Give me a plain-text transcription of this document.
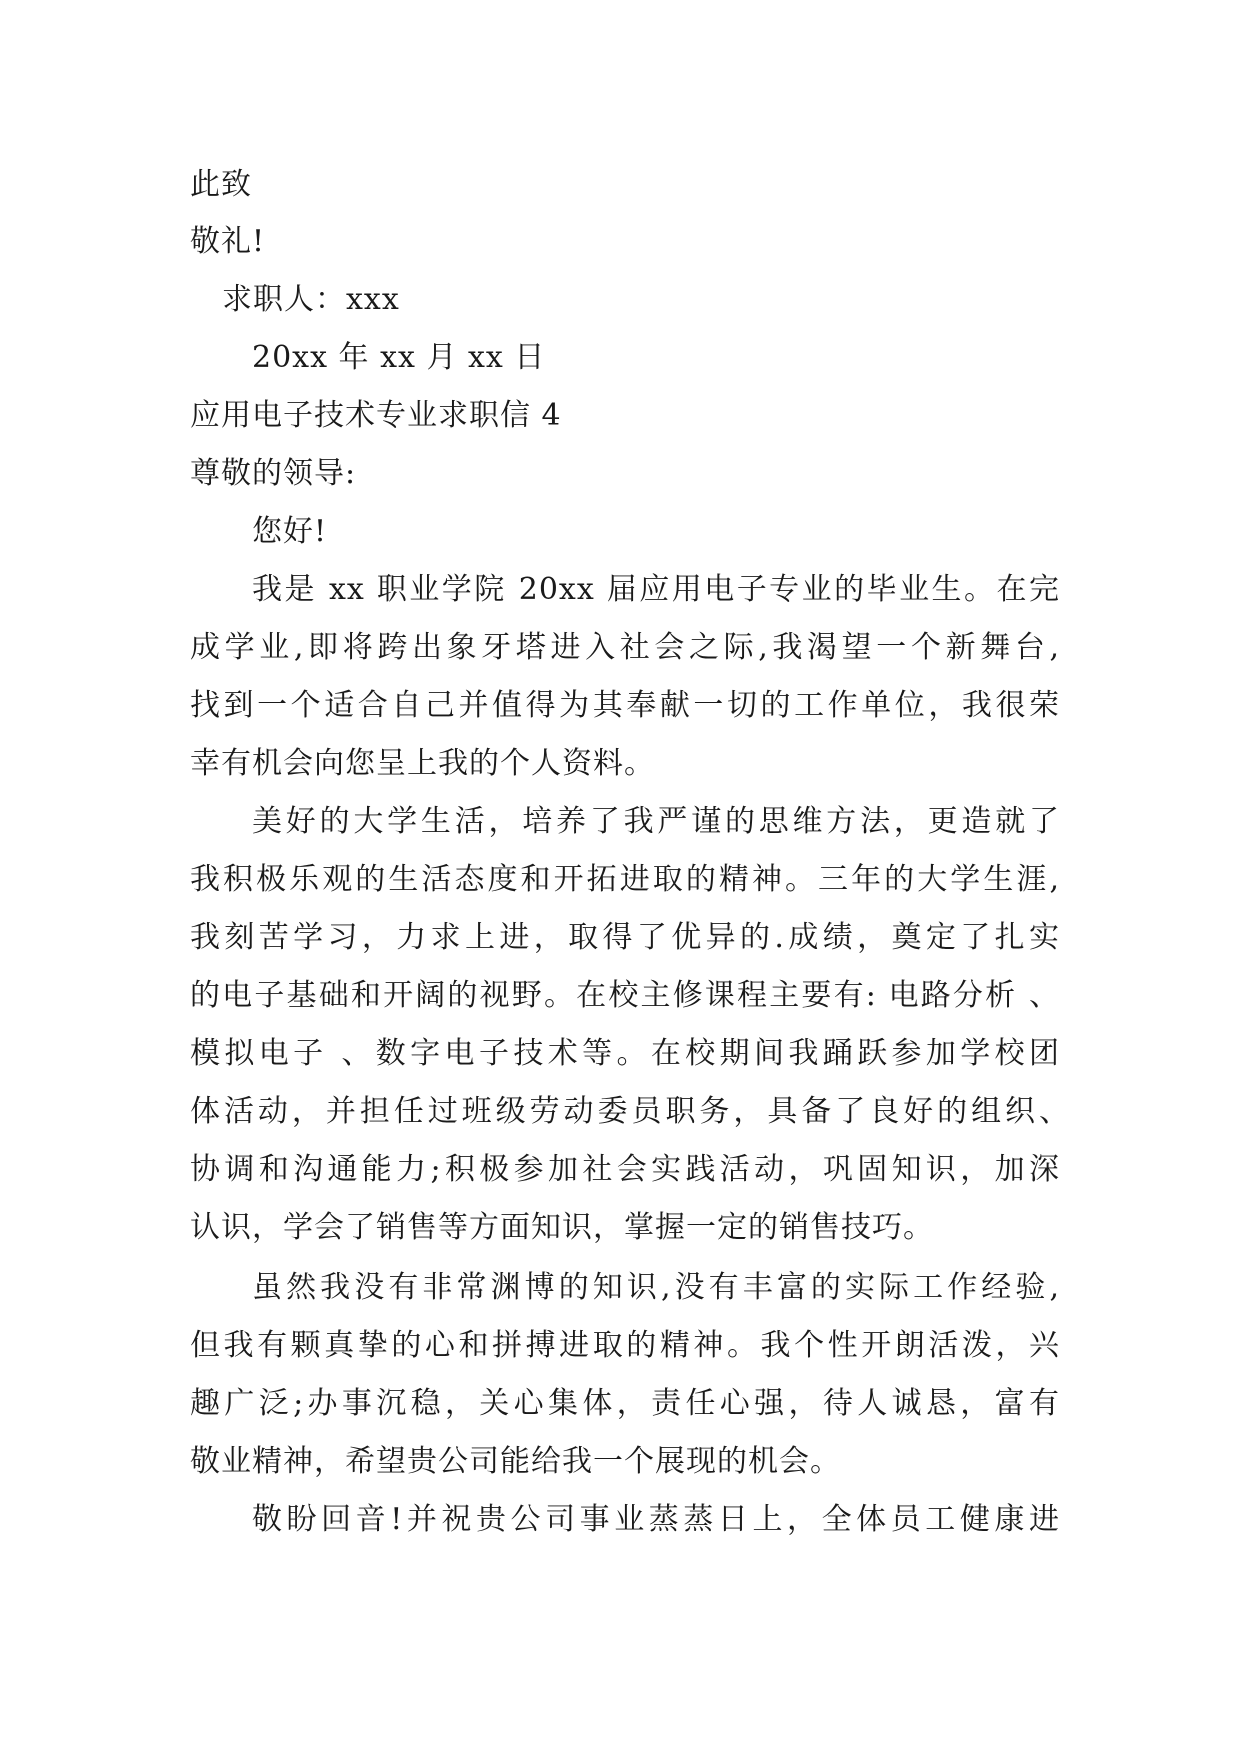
此致
敬礼!
求职人：xxx
20xx 年 xx 月 xx 日
应用电子技术专业求职信 4
尊敬的领导:
您好!
我是 xx 职业学院 20xx 届应用电子专业的毕业生。在完
成学业,即将跨出象牙塔进入社会之际,我渴望一个新舞台,
找到一个适合自己并值得为其奉献一切的工作单位，我很荣
幸有机会向您呈上我的个人资料。
美好的大学生活，培养了我严谨的思维方法，更造就了
我积极乐观的生活态度和开拓进取的精神。三年的大学生涯,
我刻苦学习，力求上进，取得了优异的.成绩，奠定了扎实
的电子基础和开阔的视野。在校主修课程主要有: 电路分析 、
模拟电子 、数字电子技术等。在校期间我踊跃参加学校团
体活动，并担任过班级劳动委员职务，具备了良好的组织、
协调和沟通能力;积极参加社会实践活动，巩固知识，加深
认识，学会了销售等方面知识，掌握一定的销售技巧。
虽然我没有非常渊博的知识,没有丰富的实际工作经验,
但我有颗真挚的心和拼搏进取的精神。我个性开朗活泼，兴
趣广泛;办事沉稳，关心集体，责任心强，待人诚恳，富有
敬业精神，希望贵公司能给我一个展现的机会。
敬盼回音!并祝贵公司事业蒸蒸日上，全体员工健康进
